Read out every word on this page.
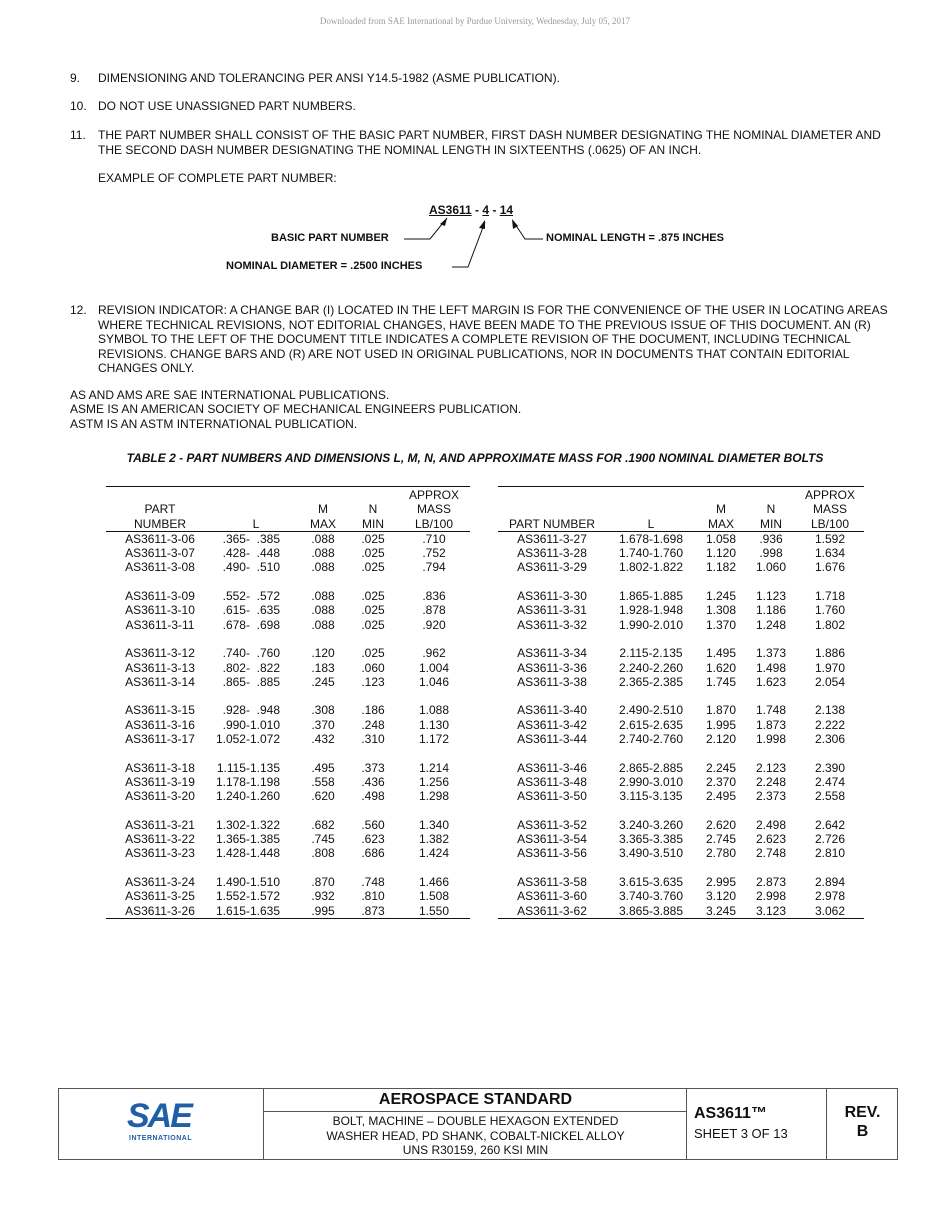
Downloaded from SAE International by Purdue University, Wednesday, July 05, 2017
9. DIMENSIONING AND TOLERANCING PER ANSI Y14.5-1982 (ASME PUBLICATION).
10. DO NOT USE UNASSIGNED PART NUMBERS.
11. THE PART NUMBER SHALL CONSIST OF THE BASIC PART NUMBER, FIRST DASH NUMBER DESIGNATING THE NOMINAL DIAMETER AND THE SECOND DASH NUMBER DESIGNATING THE NOMINAL LENGTH IN SIXTEENTHS (.0625) OF AN INCH.
EXAMPLE OF COMPLETE PART NUMBER:
AS3611 - 4 - 14
BASIC PART NUMBER	NOMINAL LENGTH = .875 INCHES
NOMINAL DIAMETER = .2500 INCHES
12. REVISION INDICATOR: A CHANGE BAR (I) LOCATED IN THE LEFT MARGIN IS FOR THE CONVENIENCE OF THE USER IN LOCATING AREAS WHERE TECHNICAL REVISIONS, NOT EDITORIAL CHANGES, HAVE BEEN MADE TO THE PREVIOUS ISSUE OF THIS DOCUMENT. AN (R) SYMBOL TO THE LEFT OF THE DOCUMENT TITLE INDICATES A COMPLETE REVISION OF THE DOCUMENT, INCLUDING TECHNICAL REVISIONS. CHANGE BARS AND (R) ARE NOT USED IN ORIGINAL PUBLICATIONS, NOR IN DOCUMENTS THAT CONTAIN EDITORIAL CHANGES ONLY.
AS AND AMS ARE SAE INTERNATIONAL PUBLICATIONS.
ASME IS AN AMERICAN SOCIETY OF MECHANICAL ENGINEERS PUBLICATION.
ASTM IS AN ASTM INTERNATIONAL PUBLICATION.
TABLE 2 - PART NUMBERS AND DIMENSIONS L, M, N, AND APPROXIMATE MASS FOR .1900 NOMINAL DIAMETER BOLTS
				APPROX
PART		M	N	MASS
NUMBER	L	MAX	MIN	LB/100
AS3611-3-06	.365-  .385	.088	.025	.710
AS3611-3-07	.428-  .448	.088	.025	.752
AS3611-3-08	.490-  .510	.088	.025	.794

AS3611-3-09	.552-  .572	.088	.025	.836
AS3611-3-10	.615-  .635	.088	.025	.878
AS3611-3-11	.678-  .698	.088	.025	.920

AS3611-3-12	.740-  .760	.120	.025	.962
AS3611-3-13	.802-  .822	.183	.060	1.004
AS3611-3-14	.865-  .885	.245	.123	1.046

AS3611-3-15	.928-  .948	.308	.186	1.088
AS3611-3-16	.990-1.010	.370	.248	1.130
AS3611-3-17	1.052-1.072	.432	.310	1.172

AS3611-3-18	1.115-1.135	.495	.373	1.214
AS3611-3-19	1.178-1.198	.558	.436	1.256
AS3611-3-20	1.240-1.260	.620	.498	1.298

AS3611-3-21	1.302-1.322	.682	.560	1.340
AS3611-3-22	1.365-1.385	.745	.623	1.382
AS3611-3-23	1.428-1.448	.808	.686	1.424

AS3611-3-24	1.490-1.510	.870	.748	1.466
AS3611-3-25	1.552-1.572	.932	.810	1.508
AS3611-3-26	1.615-1.635	.995	.873	1.550
				APPROX
		M	N	MASS
PART NUMBER	L	MAX	MIN	LB/100
AS3611-3-27	1.678-1.698	1.058	.936	1.592
AS3611-3-28	1.740-1.760	1.120	.998	1.634
AS3611-3-29	1.802-1.822	1.182	1.060	1.676

AS3611-3-30	1.865-1.885	1.245	1.123	1.718
AS3611-3-31	1.928-1.948	1.308	1.186	1.760
AS3611-3-32	1.990-2.010	1.370	1.248	1.802

AS3611-3-34	2.115-2.135	1.495	1.373	1.886
AS3611-3-36	2.240-2.260	1.620	1.498	1.970
AS3611-3-38	2.365-2.385	1.745	1.623	2.054

AS3611-3-40	2.490-2.510	1.870	1.748	2.138
AS3611-3-42	2.615-2.635	1.995	1.873	2.222
AS3611-3-44	2.740-2.760	2.120	1.998	2.306

AS3611-3-46	2.865-2.885	2.245	2.123	2.390
AS3611-3-48	2.990-3.010	2.370	2.248	2.474
AS3611-3-50	3.115-3.135	2.495	2.373	2.558

AS3611-3-52	3.240-3.260	2.620	2.498	2.642
AS3611-3-54	3.365-3.385	2.745	2.623	2.726
AS3611-3-56	3.490-3.510	2.780	2.748	2.810

AS3611-3-58	3.615-3.635	2.995	2.873	2.894
AS3611-3-60	3.740-3.760	3.120	2.998	2.978
AS3611-3-62	3.865-3.885	3.245	3.123	3.062
SAE
INTERNATIONAL
AEROSPACE STANDARD
BOLT, MACHINE – DOUBLE HEXAGON EXTENDED
WASHER HEAD, PD SHANK, COBALT-NICKEL ALLOY
UNS R30159, 260 KSI MIN
AS3611™
SHEET 3 OF 13
REV.
B
